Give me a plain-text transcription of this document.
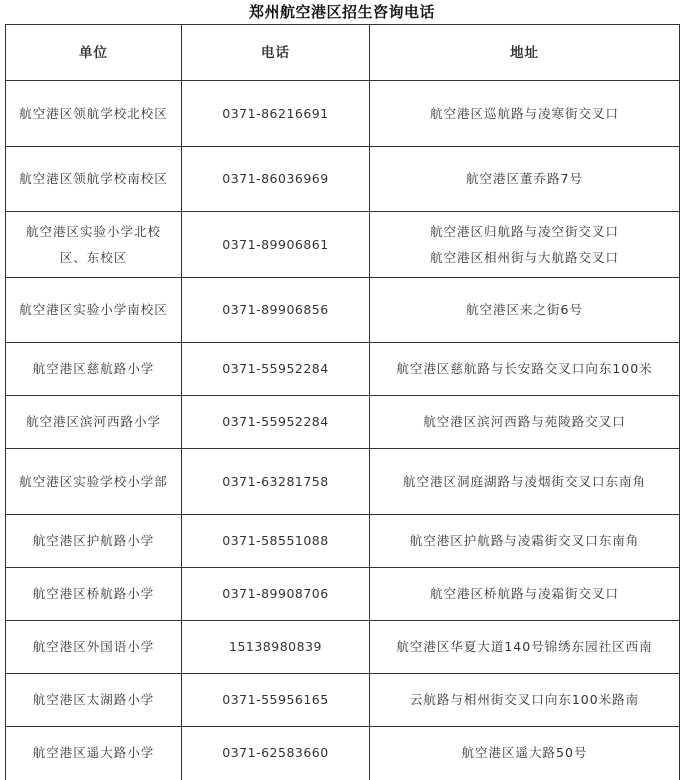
郑州航空港区招生咨询电话
单位	电话	地址
航空港区领航学校北校区	0371-86216691	航空港区巡航路与凌寒街交叉口

航空港区领航学校南校区	0371-86036969	航空港区董乔路7号

航空港区实验小学北校区、东校区	0371-89906861	航空港区归航路与凌空街交叉口
航空港区相州街与大航路交叉口

航空港区实验小学南校区	0371-89906856	航空港区来之街6号

航空港区慈航路小学	0371-55952284	航空港区慈航路与长安路交叉口向东100米

航空港区滨河西路小学	0371-55952284	航空港区滨河西路与苑陵路交叉口

航空港区实验学校小学部	0371-63281758	航空港区洞庭湖路与凌烟街交叉口东南角

航空港区护航路小学	0371-58551088	航空港区护航路与凌霜街交叉口东南角

航空港区桥航路小学	0371-89908706	航空港区桥航路与凌霜街交叉口

航空港区外国语小学	15138980839	航空港区华夏大道140号锦绣东园社区西南

航空港区太湖路小学	0371-55956165	云航路与相州街交叉口向东100米路南

航空港区遥大路小学	0371-62583660	航空港区遥大路50号
